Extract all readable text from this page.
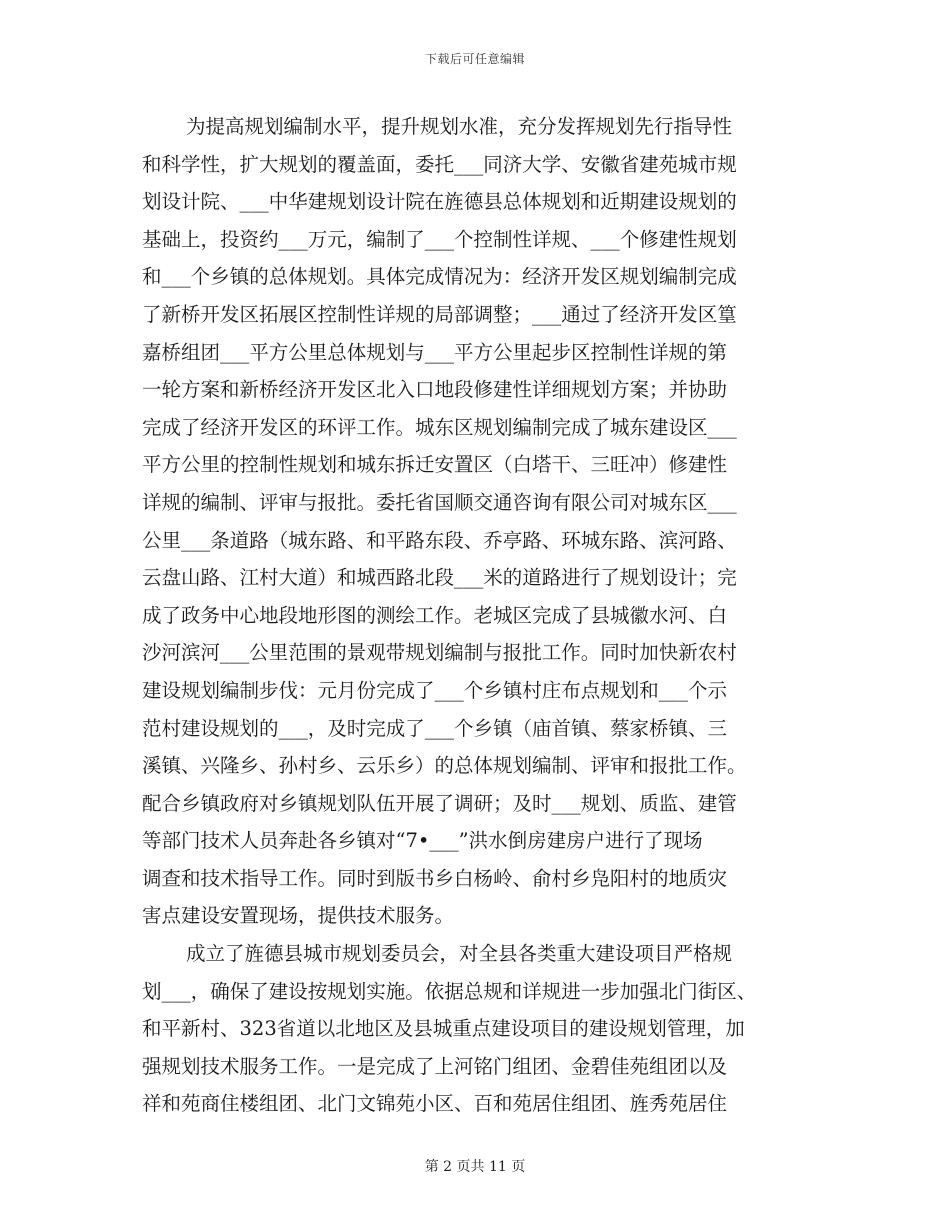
下载后可任意编辑
为提高规划编制水平，提升规划水准，充分发挥规划先行指导性
和科学性，扩大规划的覆盖面，委托___同济大学、安徽省建苑城市规
划设计院、___中华建规划设计院在旌德县总体规划和近期建设规划的
基础上，投资约___万元，编制了___个控制性详规、___个修建性规划
和___个乡镇的总体规划。具体完成情况为：经济开发区规划编制完成
了新桥开发区拓展区控制性详规的局部调整；___通过了经济开发区篁
嘉桥组团___平方公里总体规划与___平方公里起步区控制性详规的第
一轮方案和新桥经济开发区北入口地段修建性详细规划方案；并协助
完成了经济开发区的环评工作。城东区规划编制完成了城东建设区___
平方公里的控制性规划和城东拆迁安置区（白塔干、三旺冲）修建性
详规的编制、评审与报批。委托省国顺交通咨询有限公司对城东区___
公里___条道路（城东路、和平路东段、乔亭路、环城东路、滨河路、
云盘山路、江村大道）和城西路北段___米的道路进行了规划设计；完
成了政务中心地段地形图的测绘工作。老城区完成了县城徽水河、白
沙河滨河___公里范围的景观带规划编制与报批工作。同时加快新农村
建设规划编制步伐：元月份完成了___个乡镇村庄布点规划和___个示
范村建设规划的___，及时完成了___个乡镇（庙首镇、蔡家桥镇、三
溪镇、兴隆乡、孙村乡、云乐乡）的总体规划编制、评审和报批工作。
配合乡镇政府对乡镇规划队伍开展了调研；及时___规划、质监、建管
等部门技术人员奔赴各乡镇对“7•___”洪水倒房建房户进行了现场
调查和技术指导工作。同时到版书乡白杨岭、俞村乡凫阳村的地质灾
害点建设安置现场，提供技术服务。
成立了旌德县城市规划委员会，对全县各类重大建设项目严格规
划___，确保了建设按规划实施。依据总规和详规进一步加强北门街区、
和平新村、323省道以北地区及县城重点建设项目的建设规划管理，加
强规划技术服务工作。一是完成了上河铭门组团、金碧佳苑组团以及
祥和苑商住楼组团、北门文锦苑小区、百和苑居住组团、旌秀苑居住
第 2 页共 11 页
